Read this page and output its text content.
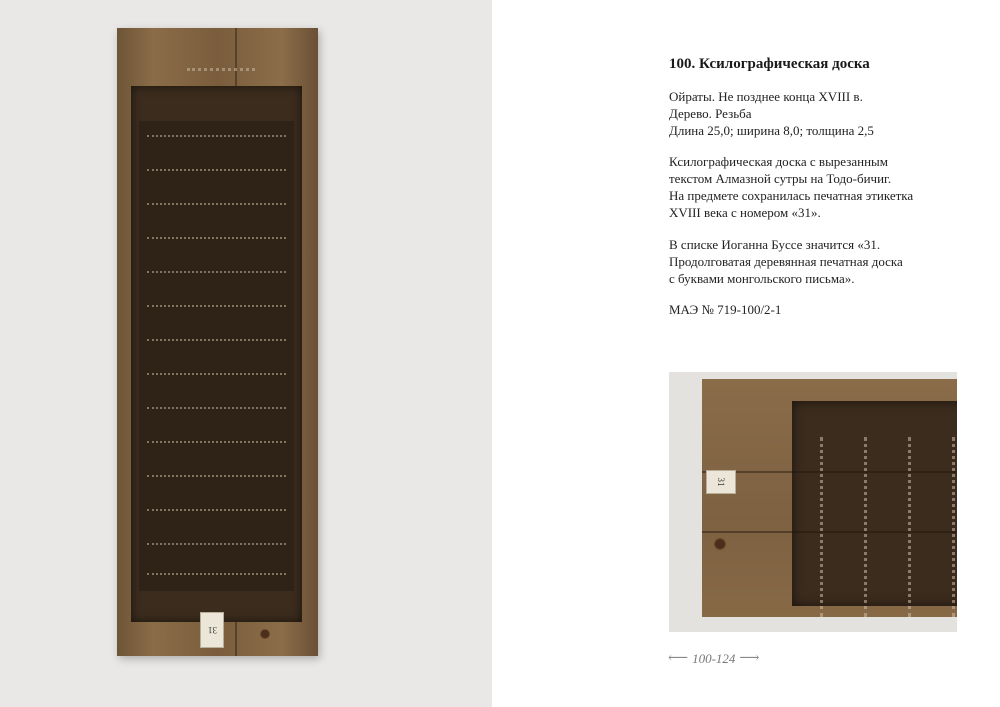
31
100. Ксилографическая доска

Ойраты. Не позднее конца XVIII в.
Дерево. Резьба
Длина 25,0; ширина 8,0; толщина 2,5

Ксилографическая доска с вырезанным
текстом Алмазной сутры на Тодо-бичиг.
На предмете сохранилась печатная этикетка
XVIII века с номером «31».

В списке Иоганна Буссе значится «31.
Продолговатая деревянная печатная доска
с буквами монгольского письма».

МАЭ № 719-100/2-1

31
⟵ 100-124 ⟶
